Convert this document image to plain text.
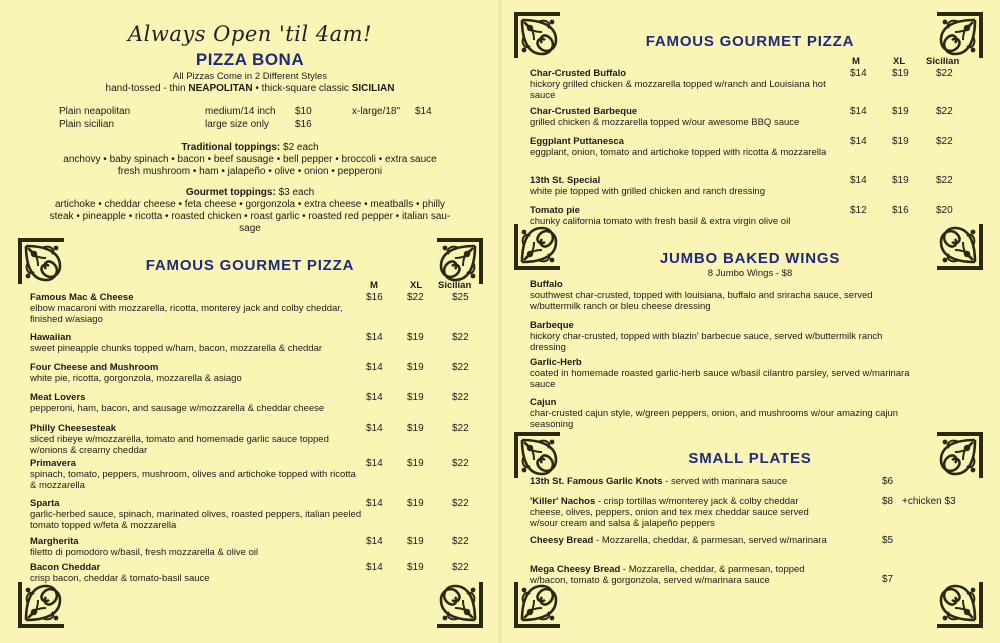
Always Open 'til 4am!
PIZZA BONA
All Pizzas Come in 2 Different Styles
hand-tossed - thin NEAPOLITAN • thick-square classic SICILIAN
Plain neapolitan	medium/14 inch $10	x-large/18" $14
Plain sicilian	large size only	$16
Traditional toppings: $2 each
anchovy • baby spinach • bacon • beef sausage • bell pepper • broccoli • extra sauce
fresh mushroom • ham • jalapeño • olive • onion • pepperoni
Gourmet toppings: $3 each
artichoke • cheddar cheese • feta cheese • gorgonzola • extra cheese • meatballs • philly
steak • pineapple • ricotta • roasted chicken • roast garlic • roasted red pepper • italian sau-
sage
FAMOUS GOURMET PIZZA
M	XL Sicilian
Famous Mac & Cheese
elbow macaroni with mozzarella, ricotta, monterey jack and colby cheddar, finished w/asiago
$16 $22	$25
Hawaiian
sweet pineapple chunks topped w/ham, bacon, mozzarella & cheddar
$14 $19	$22
Four Cheese and Mushroom
white pie, ricotta, gorgonzola, mozzarella & asiago
$14 $19	$22
Meat Lovers
pepperoni, ham, bacon, and sausage w/mozzarella & cheddar cheese
$14 $19	$22
Philly Cheesesteak
sliced ribeye w/mozzarella, tomato and homemade garlic sauce topped w/onions & creamy cheddar
$14 $19	$22
Primavera
spinach, tomato, peppers, mushroom, olives and artichoke topped with ricotta & mozzarella
$14 $19	$22
Sparta
garlic-herbed sauce, spinach, marinated olives, roasted peppers, italian peeled tomato topped w/feta & mozzarella
$14 $19	$22
Margherita
filetto di pomodoro w/basil, fresh mozzarella & olive oil
$14 $19	$22
Bacon Cheddar
crisp bacon, cheddar & tomato-basil sauce
$14 $19	$22
FAMOUS GOURMET PIZZA
M	XL Sicilian
Char-Crusted Buffalo
hickory grilled chicken & mozzarella topped w/ranch and Louisiana hot sauce
$14	$19	$22
Char-Crusted Barbeque
grilled chicken & mozzarella topped w/our awesome BBQ sauce
$14	$19	$22
Eggplant Puttanesca
eggplant, onion, tomato and artichoke topped with ricotta & mozzarella
$14	$19	$22
13th St. Special
white pie topped with grilled chicken and ranch dressing
$14	$19	$22
Tomato pie
chunky california tomato with fresh basil & extra virgin olive oil
$12	$16	$20
JUMBO BAKED WINGS
8 Jumbo Wings - $8
Buffalo
southwest char-crusted, topped with louisiana, buffalo and sriracha sauce, served w/buttermilk ranch or bleu cheese dressing
Barbeque
hickory char-crusted, topped with blazin' barbecue sauce, served w/buttermilk ranch dressing
Garlic-Herb
coated in homemade roasted garlic-herb sauce w/basil cilantro parsley, served w/marinara sauce
Cajun
char-crusted cajun style, w/green peppers, onion, and mushrooms w/our amazing cajun seasoning
SMALL PLATES
13th St. Famous Garlic Knots - served with marinara sauce	$6
'Killer' Nachos - crisp tortillas w/monterey jack & colby cheddar cheese, olives, peppers, onion and tex mex cheddar sauce served w/sour cream and salsa & jalapeño peppers
$8 +chicken $3
Cheesy Bread - Mozzarella, cheddar, & parmesan, served w/marinara	$5
Mega Cheesy Bread - Mozzarella, cheddar, & parmesan, topped w/bacon, tomato & gorgonzola, served w/marinara sauce	$7
